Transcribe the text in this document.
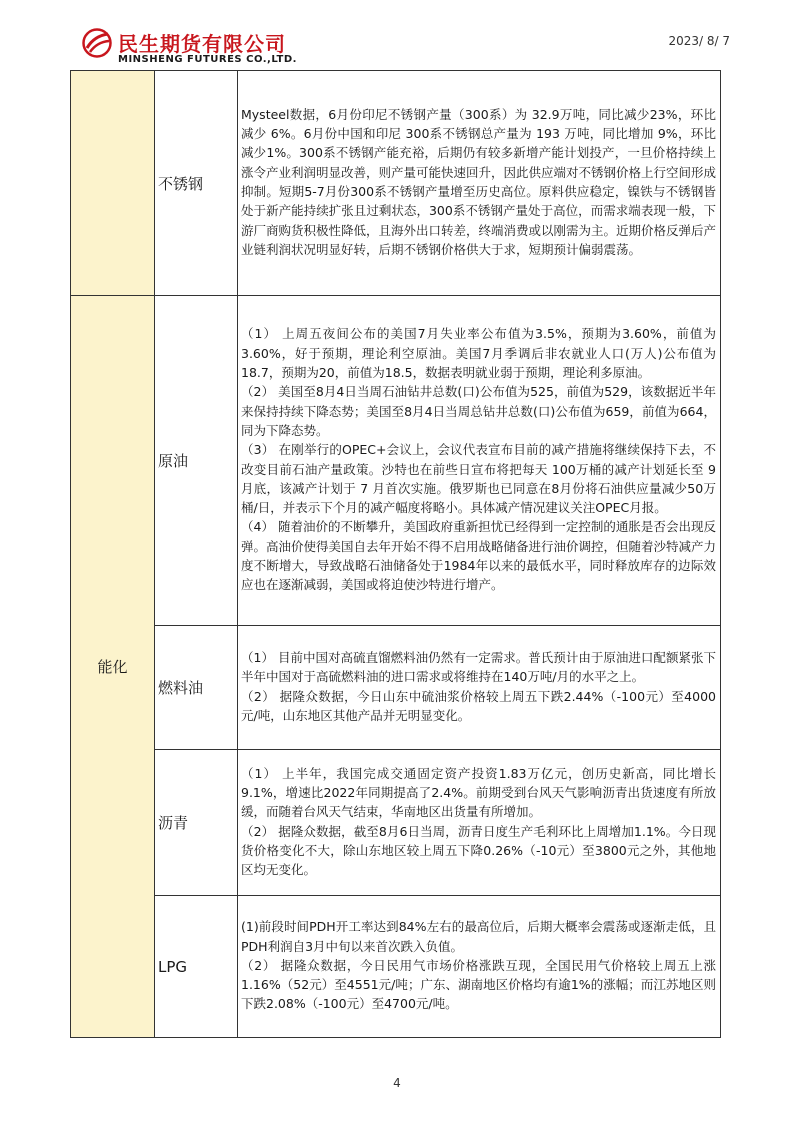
民生期货有限公司
MINSHENG FUTURES CO.,LTD.
2023/ 8/ 7
	不锈钢	Mysteel数据，6月份印尼不锈钢产量（300系）为 32.9万吨，同比减少23%，环比减少 6%。6月份中国和印尼 300系不锈钢总产量为 193 万吨，同比增加 9%，环比减少1%。300系不锈钢产能充裕，后期仍有较多新增产能计划投产，一旦价格持续上涨令产业利润明显改善，则产量可能快速回升，因此供应端对不锈钢价格上行空间形成抑制。短期5-7月份300系不锈钢产量增至历史高位。原料供应稳定，镍铁与不锈钢皆处于新产能持续扩张且过剩状态，300系不锈钢产量处于高位，而需求端表现一般，下游厂商购货积极性降低，且海外出口转差，终端消费或以刚需为主。近期价格反弹后产业链利润状况明显好转，后期不锈钢价格供大于求，短期预计偏弱震荡。

能化	原油	（1） 上周五夜间公布的美国7月失业率公布值为3.5%，预期为3.60%，前值为3.60%，好于预期，理论利空原油。美国7月季调后非农就业人口(万人)公布值为18.7，预期为20，前值为18.5，数据表明就业弱于预期，理论利多原油。

（2） 美国至8月4日当周石油钻井总数(口)公布值为525，前值为529，该数据近半年来保持持续下降态势；美国至8月4日当周总钻井总数(口)公布值为659，前值为664，同为下降态势。

（3） 在刚举行的OPEC+会议上，会议代表宣布目前的减产措施将继续保持下去，不改变目前石油产量政策。沙特也在前些日宣布将把每天 100万桶的减产计划延长至 9 月底，该减产计划于 7 月首次实施。俄罗斯也已同意在8月份将石油供应量减少50万桶/日，并表示下个月的减产幅度将略小。具体减产情况建议关注OPEC月报。

（4） 随着油价的不断攀升，美国政府重新担忧已经得到一定控制的通胀是否会出现反弹。高油价使得美国自去年开始不得不启用战略储备进行油价调控，但随着沙特减产力度不断增大，导致战略石油储备处于1984年以来的最低水平，同时释放库存的边际效应也在逐渐减弱，美国或将迫使沙特进行增产。

	燃料油	（1） 目前中国对高硫直馏燃料油仍然有一定需求。普氏预计由于原油进口配额紧张下半年中国对于高硫燃料油的进口需求或将维持在140万吨/月的水平之上。

（2） 据隆众数据，今日山东中硫油浆价格较上周五下跌2.44%（-100元）至4000元/吨，山东地区其他产品并无明显变化。

	沥青	（1） 上半年，我国完成交通固定资产投资1.83万亿元，创历史新高，同比增长9.1%，增速比2022年同期提高了2.4%。前期受到台风天气影响沥青出货速度有所放缓，而随着台风天气结束，华南地区出货量有所增加。

（2） 据隆众数据，截至8月6日当周，沥青日度生产毛利环比上周增加1.1%。今日现货价格变化不大，除山东地区较上周五下降0.26%（-10元）至3800元之外，其他地区均无变化。

	LPG	(1)前段时间PDH开工率达到84%左右的最高位后，后期大概率会震荡或逐渐走低，且PDH利润自3月中旬以来首次跌入负值。

（2） 据隆众数据，今日民用气市场价格涨跌互现，全国民用气价格较上周五上涨1.16%（52元）至4551元/吨；广东、湖南地区价格均有逾1%的涨幅；而江苏地区则下跌2.08%（-100元）至4700元/吨。

4
